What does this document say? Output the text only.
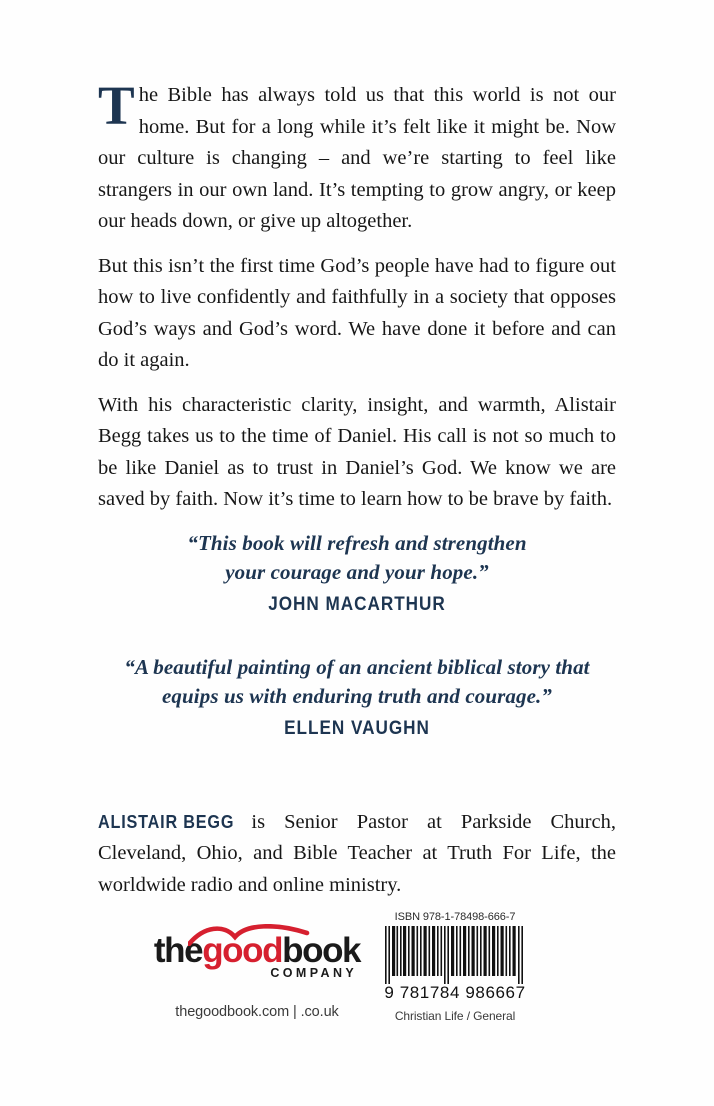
The Bible has always told us that this world is not our home. But for a long while it’s felt like it might be. Now our culture is changing – and we’re starting to feel like strangers in our own land. It’s tempting to grow angry, or keep our heads down, or give up altogether.

But this isn’t the first time God’s people have had to figure out how to live confidently and faithfully in a society that opposes God’s ways and God’s word. We have done it before and can do it again.

With his characteristic clarity, insight, and warmth, Alistair Begg takes us to the time of Daniel. His call is not so much to be like Daniel as to trust in Daniel’s God. We know we are saved by faith. Now it’s time to learn how to be brave by faith.

“This book will refresh and strengthen
your courage and your hope.”
JOHN MACARTHUR
“A beautiful painting of an ancient biblical story that
equips us with enduring truth and courage.”
ELLEN VAUGHN

ALISTAIR BEGG is Senior Pastor at Parkside Church, Cleveland, Ohio, and Bible Teacher at Truth For Life, the worldwide radio and online ministry.

thegoodbook
COMPANY
thegoodbook.com | .co.uk
ISBN 978-1-78498-666-7
9 781784 986667
Christian Life / General
